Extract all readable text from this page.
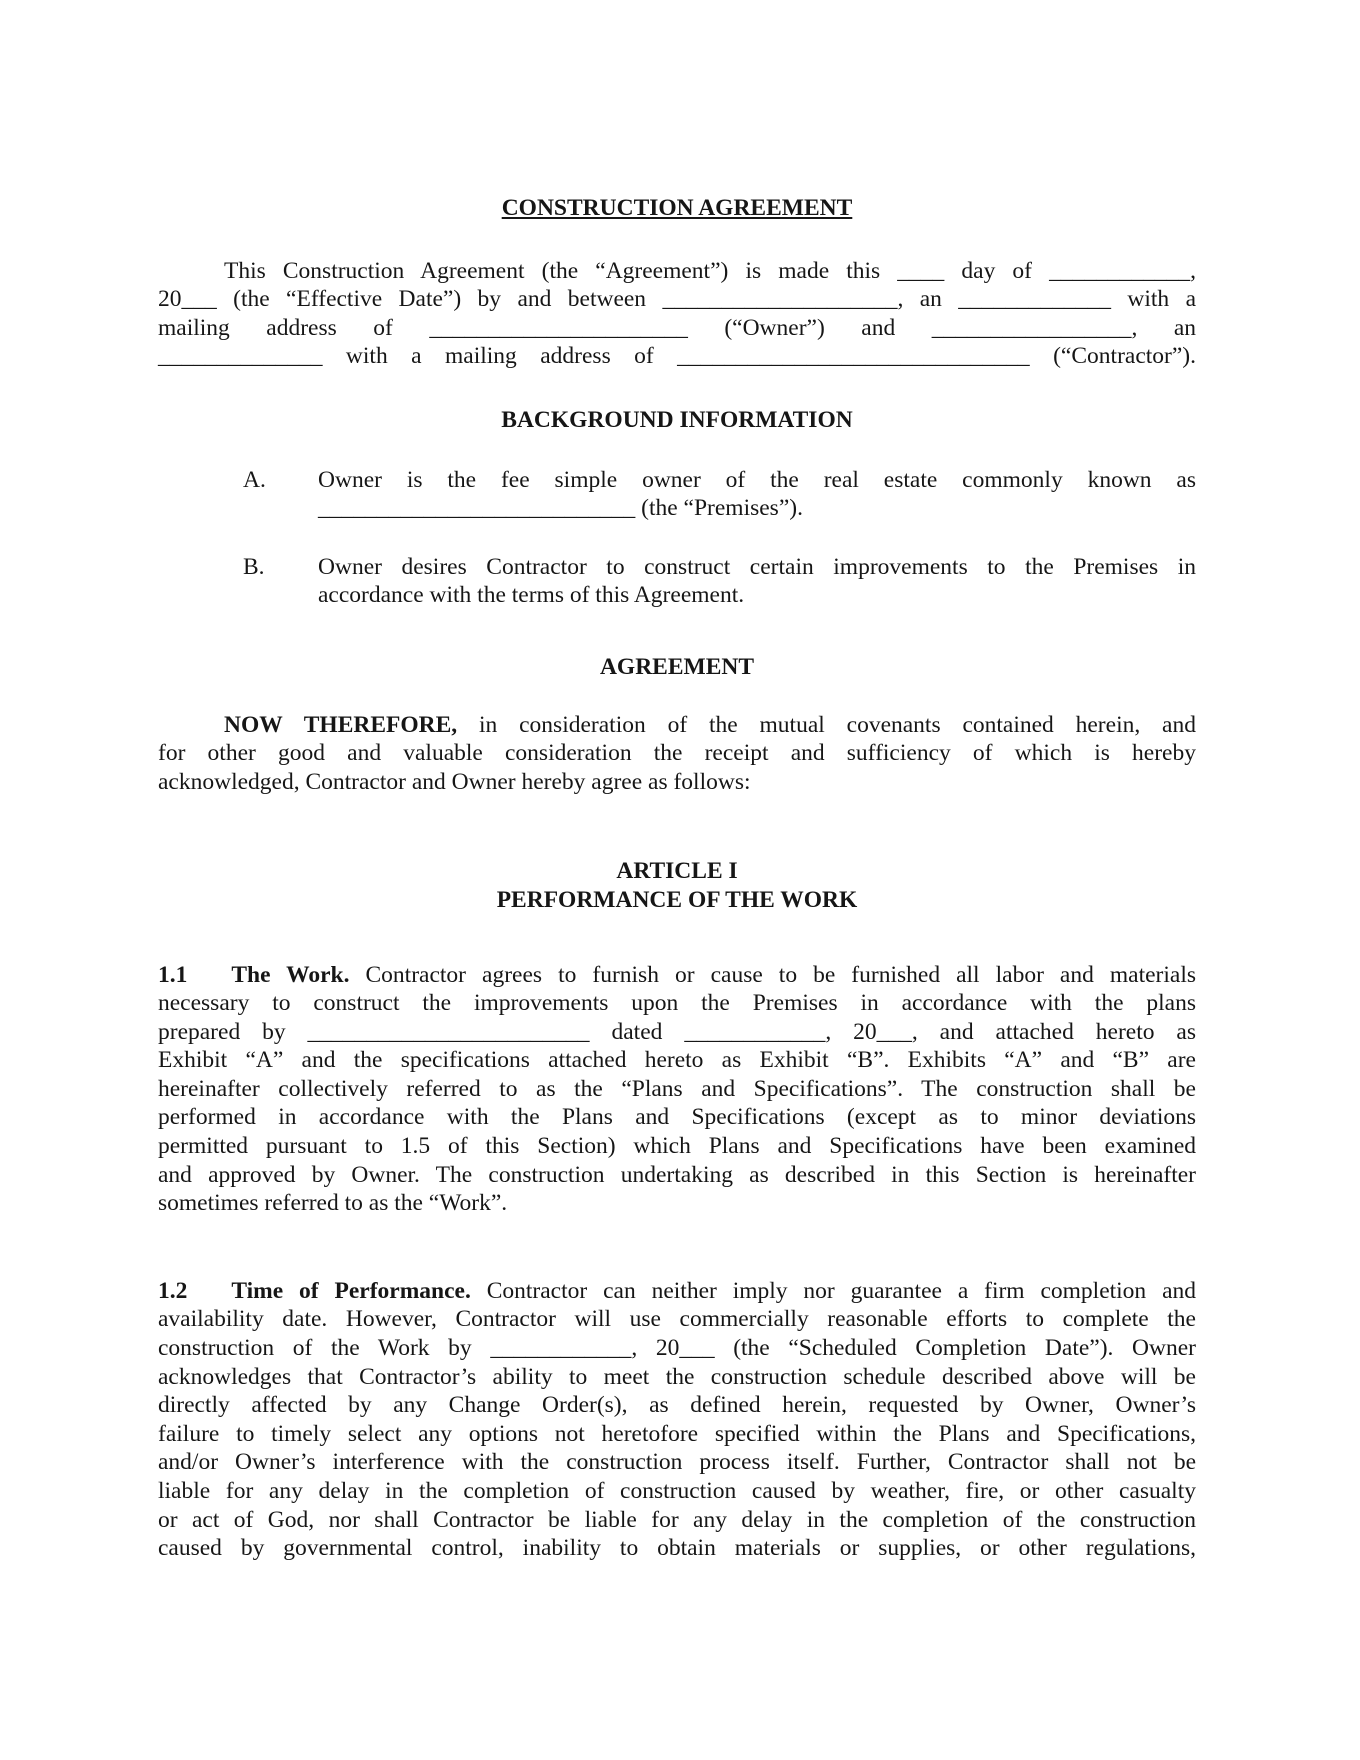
CONSTRUCTION AGREEMENT
This Construction Agreement (the “Agreement”) is made this ____ day of ____________,
20___ (the “Effective Date”) by and between ____________________, an _____________ with a
mailing address of ______________________ (“Owner”) and _________________, an
______________ with a mailing address of ______________________________ (“Contractor”).
BACKGROUND INFORMATION
A. Owner is the fee simple owner of the real estate commonly known as
___________________________ (the “Premises”).
B. Owner desires Contractor to construct certain improvements to the Premises in
accordance with the terms of this Agreement.
AGREEMENT
NOW THEREFORE, in consideration of the mutual covenants contained herein, and
for other good and valuable consideration the receipt and sufficiency of which is hereby
acknowledged, Contractor and Owner hereby agree as follows:
ARTICLE I
PERFORMANCE OF THE WORK
1.1 The Work. Contractor agrees to furnish or cause to be furnished all labor and materials
necessary to construct the improvements upon the Premises in accordance with the plans
prepared by ________________________ dated ____________, 20___, and attached hereto as
Exhibit “A” and the specifications attached hereto as Exhibit “B”. Exhibits “A” and “B” are
hereinafter collectively referred to as the “Plans and Specifications”. The construction shall be
performed in accordance with the Plans and Specifications (except as to minor deviations
permitted pursuant to 1.5 of this Section) which Plans and Specifications have been examined
and approved by Owner. The construction undertaking as described in this Section is hereinafter
sometimes referred to as the “Work”.
1.2 Time of Performance. Contractor can neither imply nor guarantee a firm completion and
availability date. However, Contractor will use commercially reasonable efforts to complete the
construction of the Work by ____________, 20___ (the “Scheduled Completion Date”). Owner
acknowledges that Contractor’s ability to meet the construction schedule described above will be
directly affected by any Change Order(s), as defined herein, requested by Owner, Owner’s
failure to timely select any options not heretofore specified within the Plans and Specifications,
and/or Owner’s interference with the construction process itself. Further, Contractor shall not be
liable for any delay in the completion of construction caused by weather, fire, or other casualty
or act of God, nor shall Contractor be liable for any delay in the completion of the construction
caused by governmental control, inability to obtain materials or supplies, or other regulations,
